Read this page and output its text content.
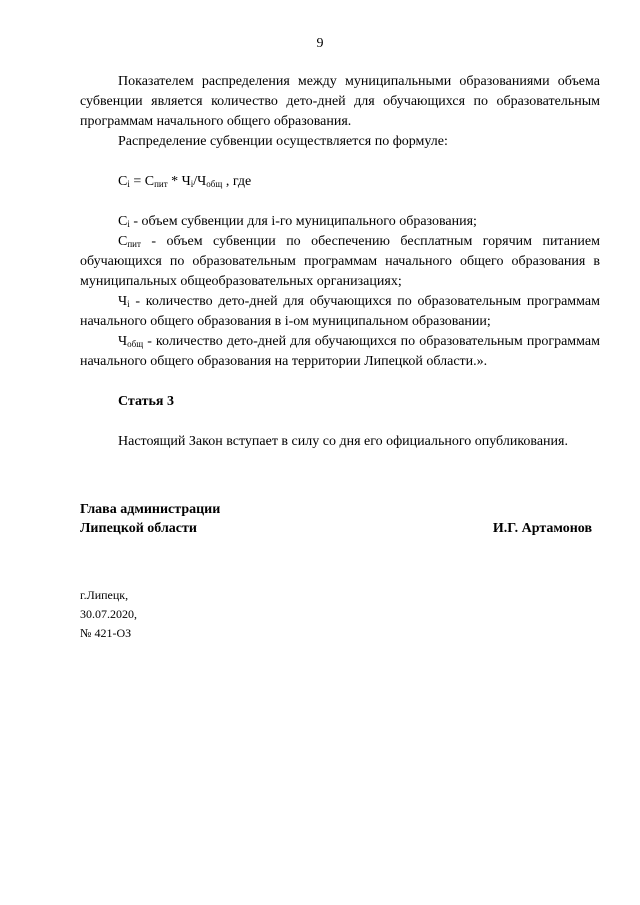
9

Показателем распределения между муниципальными образованиями объема субвенции является количество дето-дней для обучающихся по образовательным программам начального общего образования.

Распределение субвенции осуществляется по формуле:

$С_i = С_{пит} * Ч_i/Ч_{общ}$ , где

$С_i$ - объем субвенции для i-го муниципального образования;

$С_{пит}$ - объем субвенции по обеспечению бесплатным горячим питанием обучающихся по образовательным программам начального общего образования в муниципальных общеобразовательных организациях;

$Ч_i$ - количество дето-дней для обучающихся по образовательным программам начального общего образования в i-ом муниципальном образовании;

$Ч_{общ}$ - количество дето-дней для обучающихся по образовательным программам начального общего образования на территории Липецкой области.».

Статья 3

Настоящий Закон вступает в силу со дня его официального опубликования.

Глава администрации
Липецкой области	И.Г. Артамонов
г.Липецк,
30.07.2020,
№ 421-ОЗ
